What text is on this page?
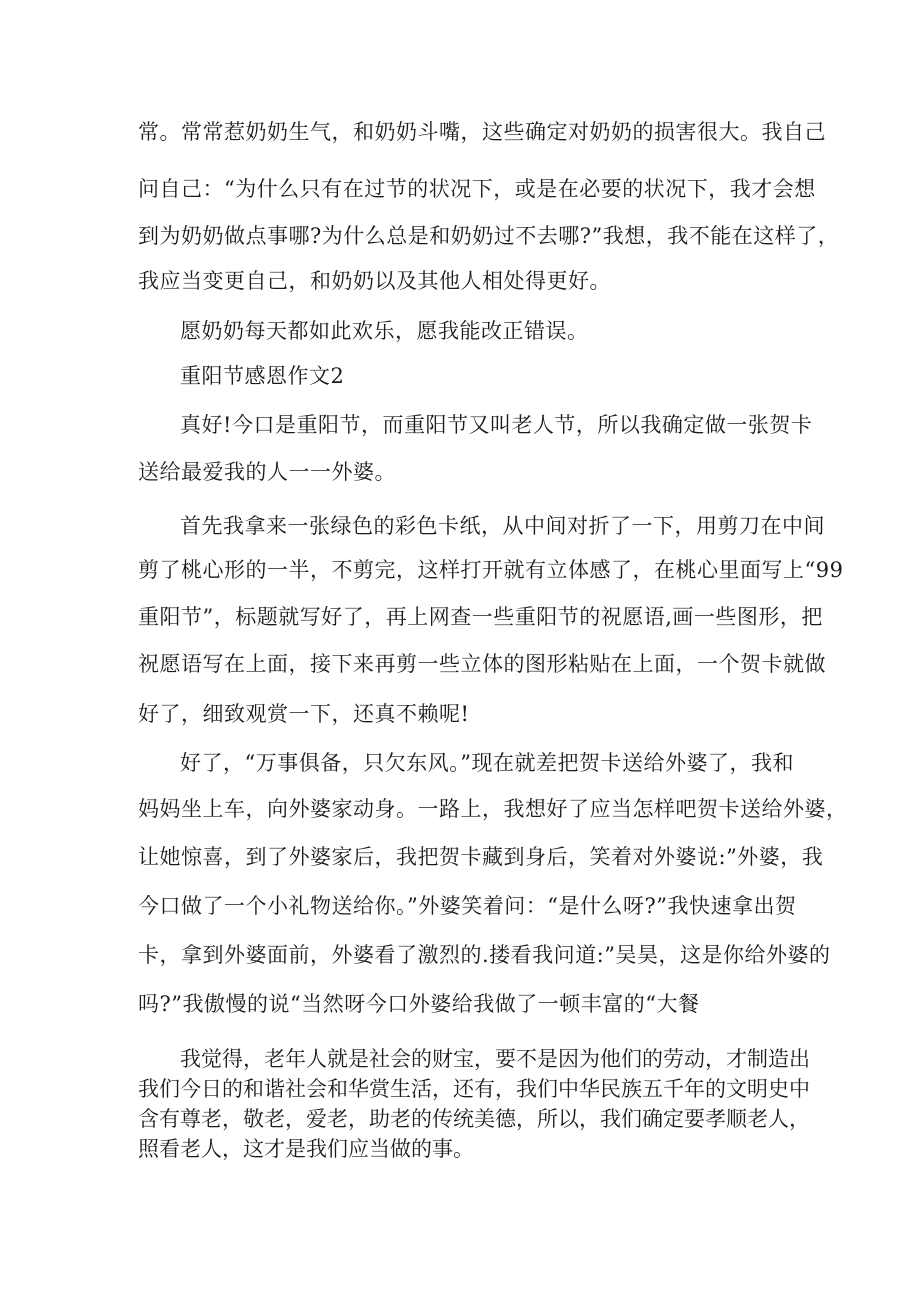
常。常常惹奶奶生气，和奶奶斗嘴，这些确定对奶奶的损害很大。我自己

问自己：“为什么只有在过节的状况下，或是在必要的状况下，我才会想

到为奶奶做点事哪?为什么总是和奶奶过不去哪?”我想，我不能在这样了，

我应当变更自己，和奶奶以及其他人相处得更好。

愿奶奶每天都如此欢乐，愿我能改正错误。

重阳节感恩作文2

真好!今口是重阳节，而重阳节又叫老人节，所以我确定做一张贺卡

送给最爱我的人一一外婆。

首先我拿来一张绿色的彩色卡纸，从中间对折了一下，用剪刀在中间

剪了桃心形的一半，不剪完，这样打开就有立体感了，在桃心里面写上“99

重阳节”，标题就写好了，再上网查一些重阳节的祝愿语,画一些图形，把

祝愿语写在上面，接下来再剪一些立体的图形粘贴在上面，一个贺卡就做

好了，细致观赏一下，还真不赖呢!

好了，“万事俱备，只欠东风。”现在就差把贺卡送给外婆了，我和

妈妈坐上车，向外婆家动身。一路上，我想好了应当怎样吧贺卡送给外婆，

让她惊喜，到了外婆家后，我把贺卡藏到身后，笑着对外婆说:”外婆，我

今口做了一个小礼物送给你。”外婆笑着问：“是什么呀?”我快速拿出贺

卡，拿到外婆面前，外婆看了激烈的.搂看我问道:”吴昊，这是你给外婆的

吗?”我傲慢的说“当然呀今口外婆给我做了一顿丰富的“大餐

我觉得，老年人就是社会的财宝，要不是因为他们的劳动，才制造出
我们今日的和谐社会和华赏生活，还有，我们中华民族五千年的文明史中
含有尊老，敬老，爱老，助老的传统美德，所以，我们确定要孝顺老人，
照看老人，这才是我们应当做的事。
